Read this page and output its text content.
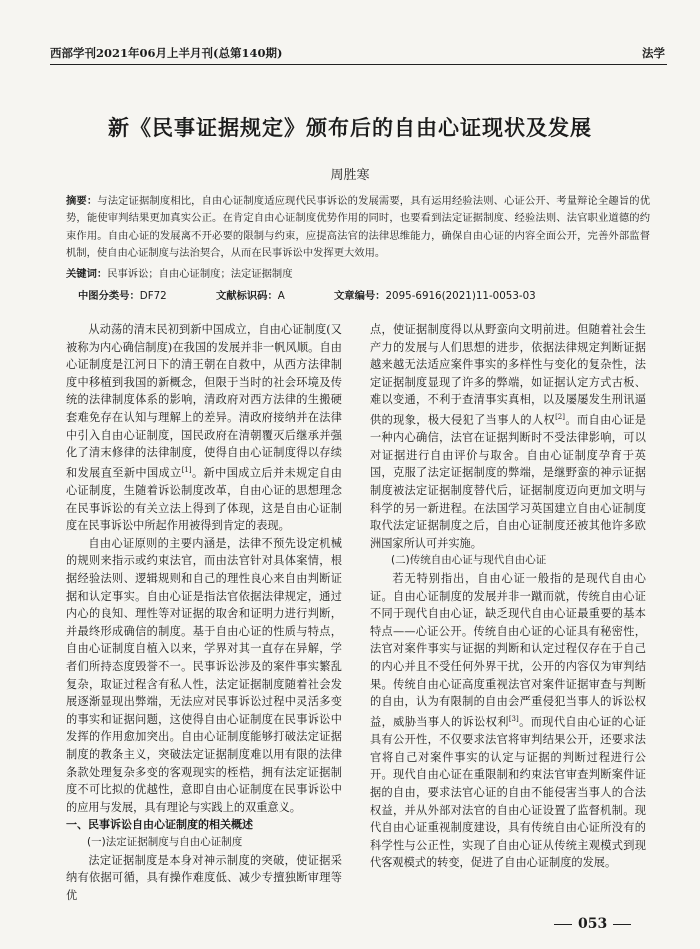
西部学刊2021年06月上半月刊(总第140期)	法学
新《民事证据规定》颁布后的自由心证现状及发展
周胜寒
摘要：与法定证据制度相比，自由心证制度适应现代民事诉讼的发展需要，具有运用经验法则、心证公开、考量辩论全趣旨的优势，能使审判结果更加真实公正。在肯定自由心证制度优势作用的同时，也要看到法定证据制度、经验法则、法官职业道德的约束作用。自由心证的发展离不开必要的限制与约束，应提高法官的法律思维能力，确保自由心证的内容全面公开，完善外部监督机制，使自由心证制度与法治契合，从而在民事诉讼中发挥更大效用。
关键词：民事诉讼；自由心证制度；法定证据制度
中图分类号：DF72	文献标识码：A	文章编号：2095-6916(2021)11-0053-03

从动荡的清末民初到新中国成立，自由心证制度(又被称为内心确信制度)在我国的发展并非一帆风顺。自由心证制度是江河日下的清王朝在自救中，从西方法律制度中移植到我国的新概念，但限于当时的社会环境及传统的法律制度体系的影响，清政府对西方法律的生搬硬套难免存在认知与理解上的差异。清政府接纳并在法律中引入自由心证制度，国民政府在清朝覆灭后继承并强化了清末修律的法律制度，使得自由心证制度得以存续和发展直至新中国成立[1]。新中国成立后并未规定自由心证制度，生随着诉讼制度改革，自由心证的思想理念在民事诉讼的有关立法上得到了体现，这是自由心证制度在民事诉讼中所起作用被得到肯定的表现。

自由心证原则的主要内涵是，法律不预先设定机械的规则来指示或约束法官，而由法官针对具体案情，根据经验法则、逻辑规则和自己的理性良心来自由判断证据和认定事实。自由心证是指法官依据法律规定，通过内心的良知、理性等对证据的取舍和证明力进行判断，并最终形成确信的制度。基于自由心证的性质与特点，自由心证制度自植入以来，学界对其一直存在异解，学者们所持态度毁誉不一。民事诉讼涉及的案件事实繁乱复杂，取证过程含有私人性，法定证据制度随着社会发展逐渐显现出弊端，无法应对民事诉讼过程中灵活多变的事实和证据问题，这使得自由心证制度在民事诉讼中发挥的作用愈加突出。自由心证制度能够打破法定证据制度的教条主义，突破法定证据制度难以用有限的法律条款处理复杂多变的客观现实的桎梏，拥有法定证据制度不可比拟的优越性，意即自由心证制度在民事诉讼中的应用与发展，具有理论与实践上的双重意义。

一、民事诉讼自由心证制度的相关概述

(一)法定证据制度与自由心证制度

法定证据制度是本身对神示制度的突破，使证据采纳有依据可循，具有操作难度低、减少专擅独断审理等优

点，使证据制度得以从野蛮向文明前进。但随着社会生产力的发展与人们思想的进步，依据法律规定判断证据越来越无法适应案件事实的多样性与变化的复杂性，法定证据制度显现了许多的弊端，如证据认定方式古板、难以变通，不利于查清事实真相，以及屡屡发生刑讯逼供的现象，极大侵犯了当事人的人权[2]。而自由心证是一种内心确信，法官在证据判断时不受法律影响，可以对证据进行自由评价与取舍。自由心证制度孕育于英国，克服了法定证据制度的弊端，是继野蛮的神示证据制度被法定证据制度替代后，证据制度迈向更加文明与科学的另一新进程。在法国学习英国建立自由心证制度取代法定证据制度之后，自由心证制度还被其他许多欧洲国家所认可并实施。

(二)传统自由心证与现代自由心证

若无特别指出，自由心证一般指的是现代自由心证。自由心证制度的发展并非一蹴而就，传统自由心证不同于现代自由心证，缺乏现代自由心证最重要的基本特点——心证公开。传统自由心证的心证具有秘密性，法官对案件事实与证据的判断和认定过程仅存在于自己的内心并且不受任何外界干扰，公开的内容仅为审判结果。传统自由心证高度重视法官对案件证据审查与判断的自由，认为有限制的自由会严重侵犯当事人的诉讼权益，威胁当事人的诉讼权利[3]。而现代自由心证的心证具有公开性，不仅要求法官将审判结果公开，还要求法官将自己对案件事实的认定与证据的判断过程进行公开。现代自由心证在重限制和约束法官审查判断案件证据的自由，要求法官心证的自由不能侵害当事人的合法权益，并从外部对法官的自由心证设置了监督机制。现代自由心证重视制度建设，具有传统自由心证所没有的科学性与公正性，实现了自由心证从传统主观模式到现代客观模式的转变，促进了自由心证制度的发展。

053
